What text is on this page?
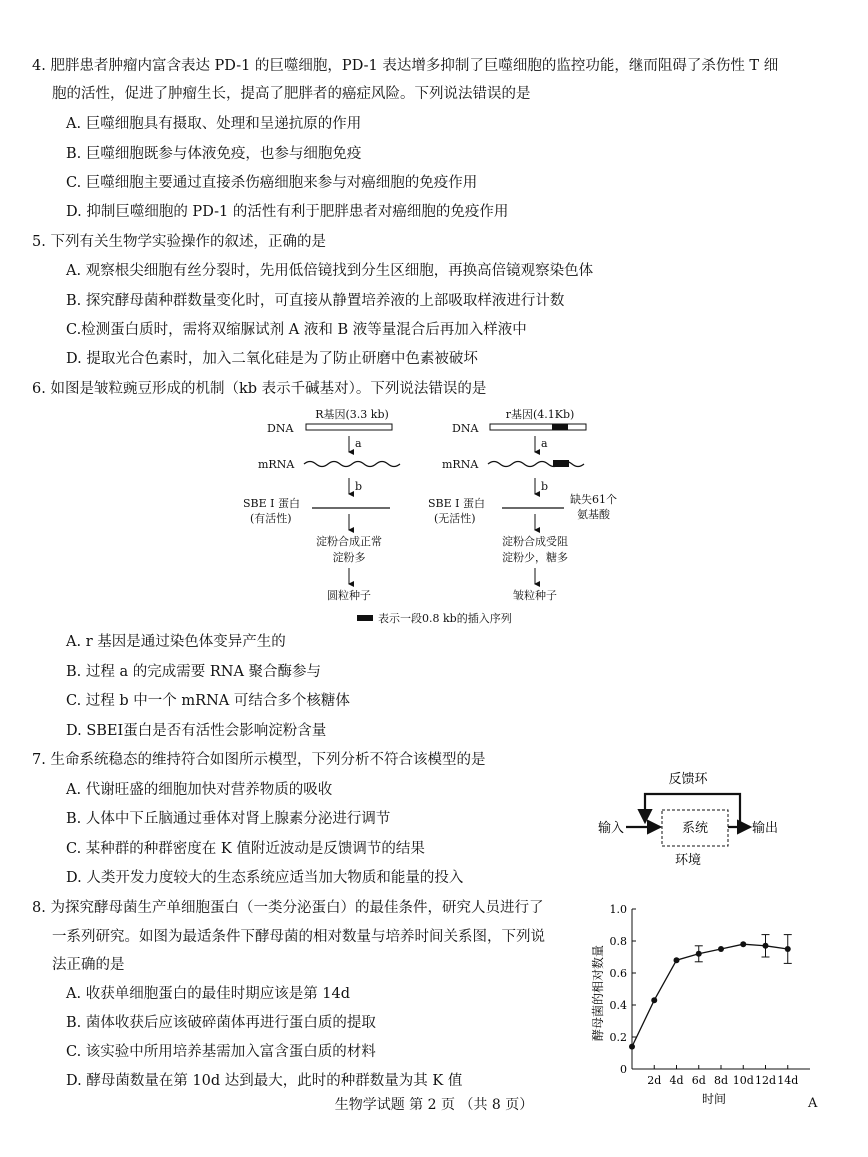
4. 肥胖患者肿瘤内富含表达 PD-1 的巨噬细胞，PD-1 表达增多抑制了巨噬细胞的监控功能，继而阻碍了杀伤性 T 细
胞的活性，促进了肿瘤生长，提高了肥胖者的癌症风险。下列说法错误的是
A. 巨噬细胞具有摄取、处理和呈递抗原的作用
B. 巨噬细胞既参与体液免疫，也参与细胞免疫
C. 巨噬细胞主要通过直接杀伤癌细胞来参与对癌细胞的免疫作用
D. 抑制巨噬细胞的 PD-1 的活性有利于肥胖患者对癌细胞的免疫作用
5. 下列有关生物学实验操作的叙述，正确的是
A. 观察根尖细胞有丝分裂时，先用低倍镜找到分生区细胞，再换高倍镜观察染色体
B. 探究酵母菌种群数量变化时，可直接从静置培养液的上部吸取样液进行计数
C.检测蛋白质时，需将双缩脲试剂 A 液和 B 液等量混合后再加入样液中
D. 提取光合色素时，加入二氧化硅是为了防止研磨中色素被破坏
6. 如图是皱粒豌豆形成的机制（kb 表示千碱基对）。下列说法错误的是
R基因(3.3 kb)	r基因(4.1Kb)
DNA	DNA
a	a
mRNA	mRNA
b	b
SBE Ⅰ 蛋白
(有活性)
SBE Ⅰ 蛋白
(无活性)
缺失61个
氨基酸
淀粉合成正常
淀粉多
淀粉合成受阻
淀粉少，糖多
圆粒种子	皱粒种子
表示一段0.8 kb的插入序列
A. r 基因是通过染色体变异产生的
B. 过程 a 的完成需要 RNA 聚合酶参与
C. 过程 b 中一个 mRNA 可结合多个核糖体
D. SBEI蛋白是否有活性会影响淀粉含量
7. 生命系统稳态的维持符合如图所示模型，下列分析不符合该模型的是
A. 代谢旺盛的细胞加快对营养物质的吸收
B. 人体中下丘脑通过垂体对肾上腺素分泌进行调节
C. 某种群的种群密度在 K 值附近波动是反馈调节的结果
D. 人类开发力度较大的生态系统应适当加大物质和能量的投入
反馈环
输入	系统	输出
环境
8. 为探究酵母菌生产单细胞蛋白（一类分泌蛋白）的最佳条件，研究人员进行了
一系列研究。如图为最适条件下酵母菌的相对数量与培养时间关系图，下列说
法正确的是
A. 收获单细胞蛋白的最佳时期应该是第 14d
B. 菌体收获后应该破碎菌体再进行蛋白质的提取
C. 该实验中所用培养基需加入富含蛋白质的材料
D. 酵母菌数量在第 10d 达到最大，此时的种群数量为其 K 值
0
0.2
0.4
0.6
0.8
1.0
2d 4d 6d 8d 10d 12d 14d
时间
酵母菌的相对数量
生物学试题 第 2 页 （共 8 页）	A
